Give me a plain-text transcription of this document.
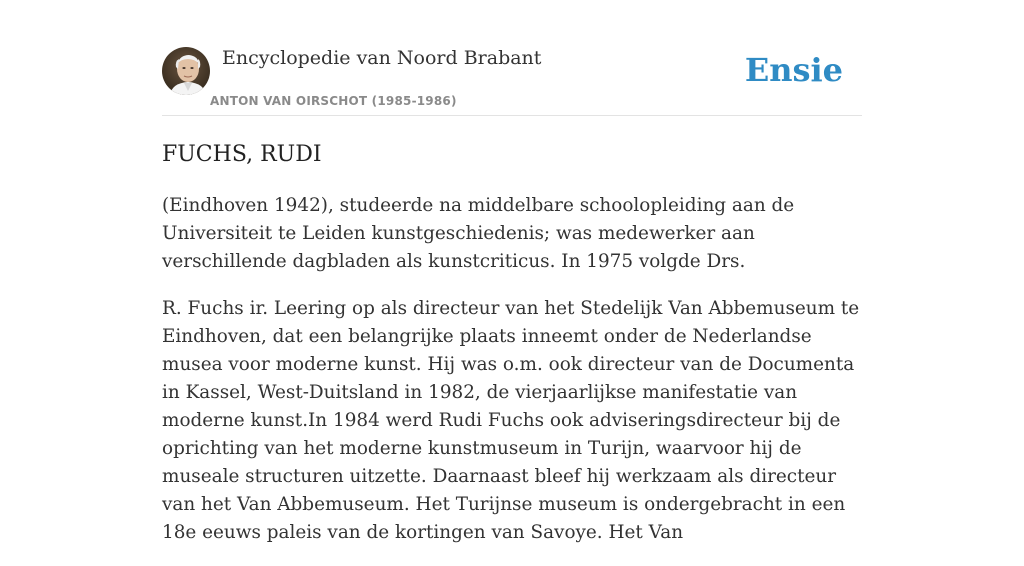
Encyclopedie van Noord Brabant
ANTON VAN OIRSCHOT (1985-1986)
Ensie
FUCHS, RUDI

(Eindhoven 1942), studeerde na middelbare schoolopleiding aan de Universiteit te Leiden kunstgeschiedenis; was medewerker aan verschillende dagbladen als kunstcriticus. In 1975 volgde Drs.

R. Fuchs ir. Leering op als directeur van het Stedelijk Van Abbemuseum te Eindhoven, dat een belangrijke plaats inneemt onder de Nederlandse musea voor moderne kunst. Hij was o.m. ook directeur van de Documenta in Kassel, West-Duitsland in 1982, de vierjaarlijkse manifestatie van moderne kunst.In 1984 werd Rudi Fuchs ook adviseringsdirecteur bij de oprichting van het moderne kunstmuseum in Turijn, waarvoor hij de museale structuren uitzette. Daarnaast bleef hij werkzaam als directeur van het Van Abbemuseum. Het Turijnse museum is ondergebracht in een 18e eeuws paleis van de kortingen van Savoye. Het Van
